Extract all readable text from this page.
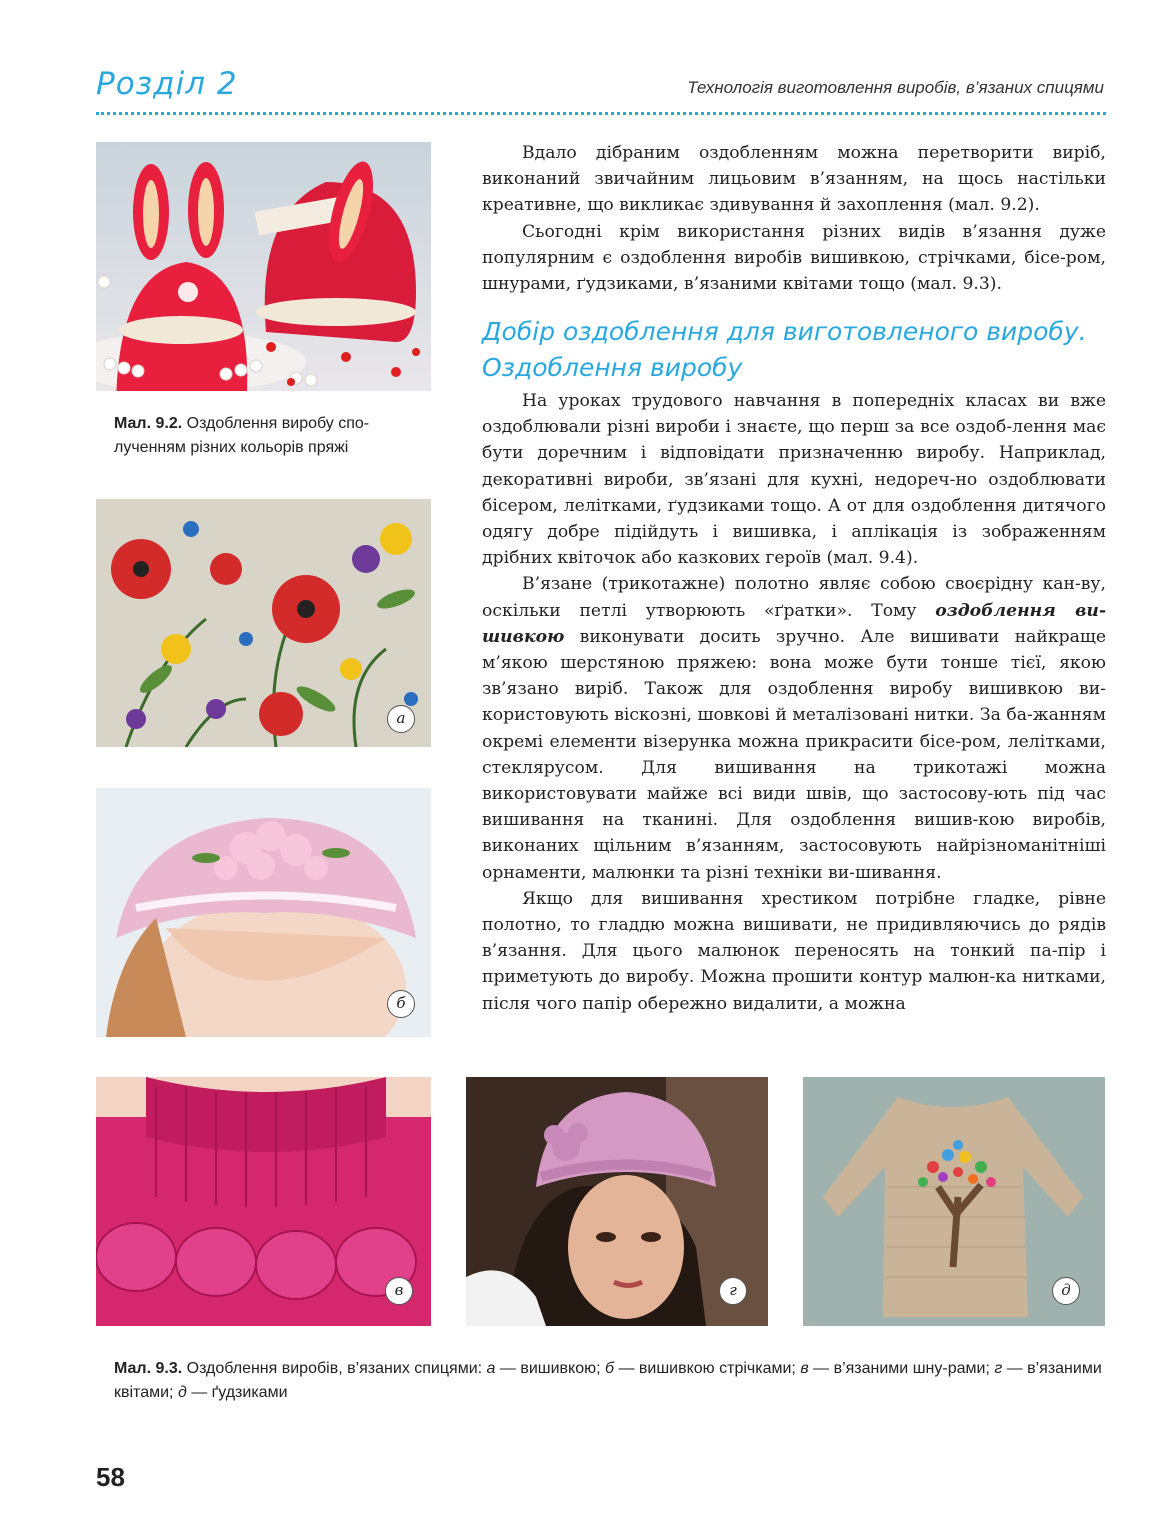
Розділ 2	Технологія виготовлення виробів, в’язаних спицями
Мал. 9.2. Оздоблення виробу спо-лученням різних кольорів пряжі
а
б

Вдало дібраним оздобленням можна перетворити виріб, виконаний звичайним лицьовим в’язанням, на щось настільки креативне, що викликає здивування й захоплення (мал. 9.2).

Сьогодні крім використання різних видів в’язання дуже популярним є оздоблення виробів вишивкою, стрічками, бісе-ром, шнурами, ґудзиками, в’язаними квітами тощо (мал. 9.3).

Добір оздоблення для виготовленого виробу. Оздоблення виробу

На уроках трудового навчання в попередніх класах ви вже оздоблювали різні вироби і знаєте, що перш за все оздоб-лення має бути доречним і відповідати призначенню виробу. Наприклад, декоративні вироби, зв’язані для кухні, недореч-но оздоблювати бісером, лелітками, ґудзиками тощо. А от для оздоблення дитячого одягу добре підійдуть і вишивка, і аплікація із зображенням дрібних квіточок або казкових героїв (мал. 9.4).

В’язане (трикотажне) полотно являє собою своєрідну кан-ву, оскільки петлі утворюють «ґратки». Тому оздоблення ви-шивкою виконувати досить зручно. Але вишивати найкраще м’якою шерстяною пряжею: вона може бути тонше тієї, якою зв’язано виріб. Також для оздоблення виробу вишивкою ви-користовують віскозні, шовкові й металізовані нитки. За ба-жанням окремі елементи візерунка можна прикрасити бісе-ром, лелітками, стеклярусом. Для вишивання на трикотажі можна використовувати майже всі види швів, що застосову-ють під час вишивання на тканині. Для оздоблення вишив-кою виробів, виконаних щільним в’язанням, застосовують найрізноманітніші орнаменти, малюнки та різні техніки ви-шивання.

Якщо для вишивання хрестиком потрібне гладке, рівне полотно, то гладдю можна вишивати, не придивляючись до рядів в’язання. Для цього малюнок переносять на тонкий па-пір і приметують до виробу. Можна прошити контур малюн-ка нитками, після чого папір обережно видалити, а можна

в	г	д
Мал. 9.3. Оздоблення виробів, в’язаних спицями: а — вишивкою; б — вишивкою стрічками; в — в’язаними шну-рами; г — в’язаними квітами; д — ґудзиками
58
